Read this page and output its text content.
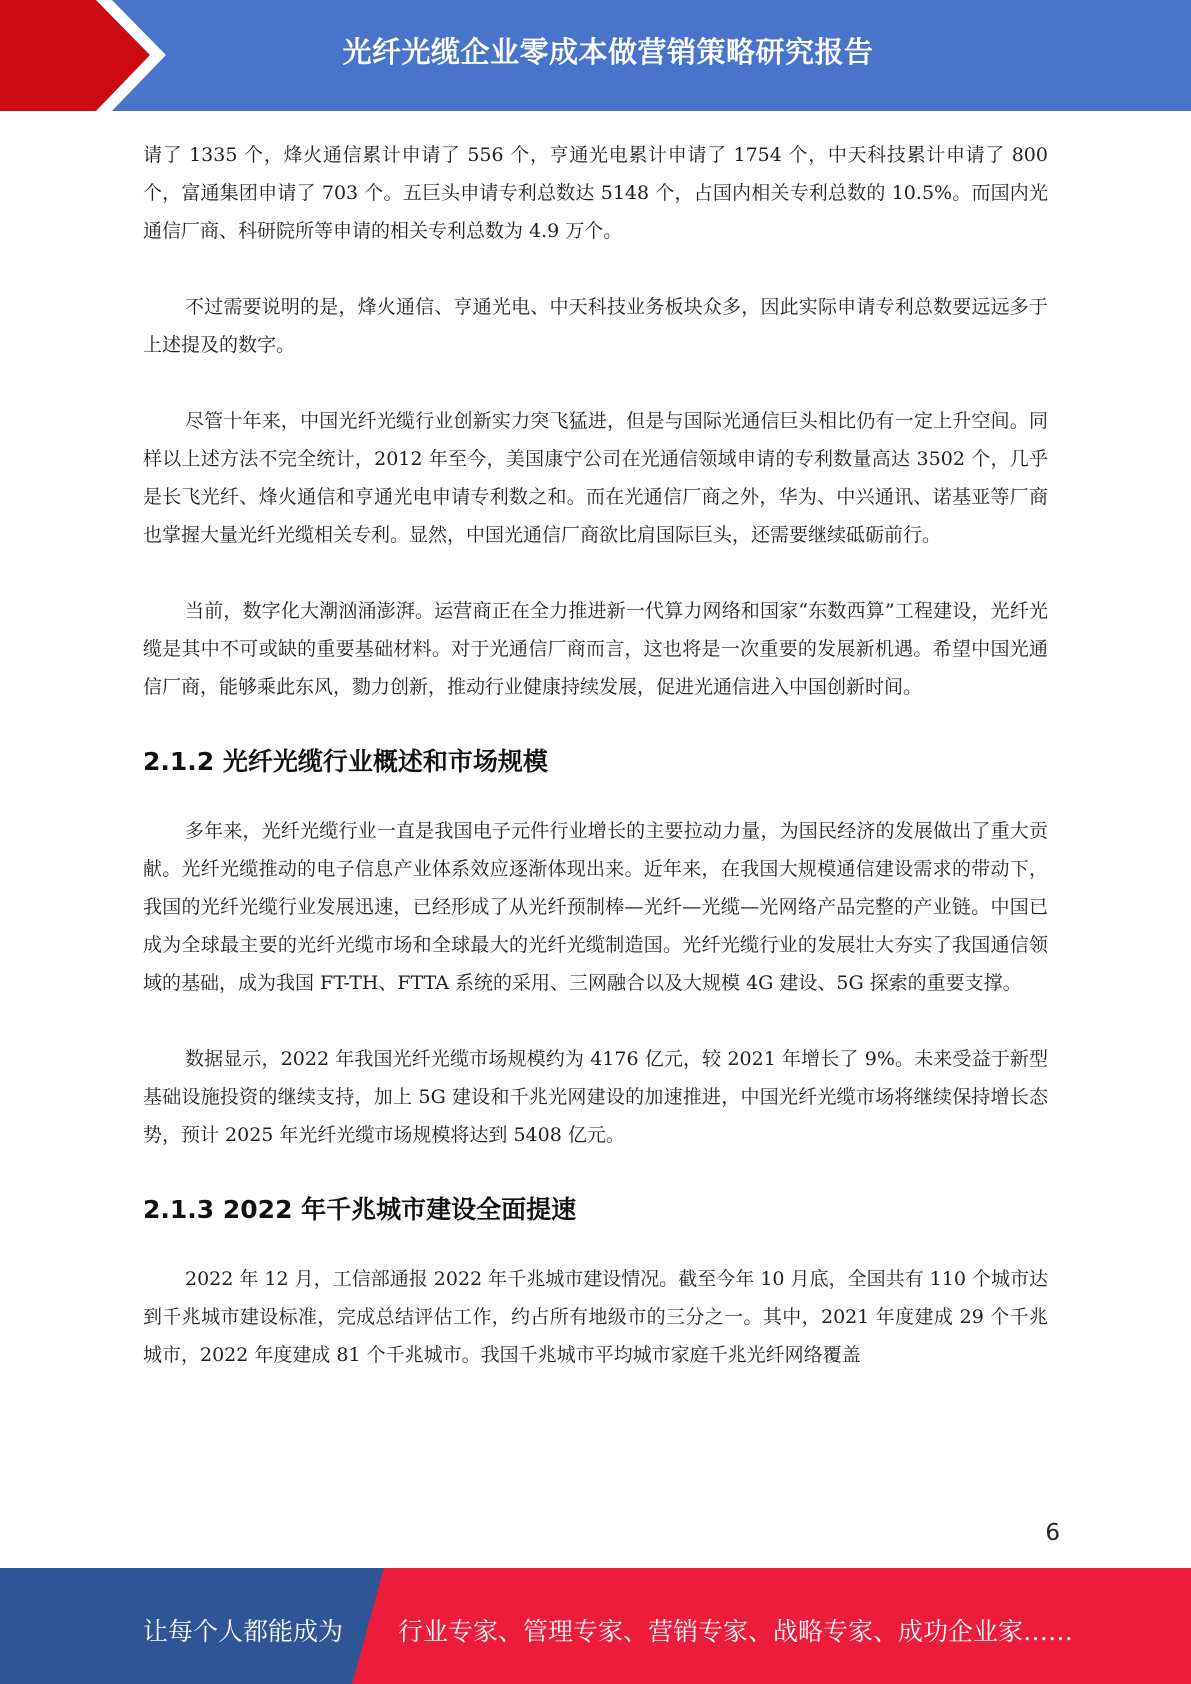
光纤光缆企业零成本做营销策略研究报告

请了 1335 个，烽火通信累计申请了 556 个，亨通光电累计申请了 1754 个，中天科技累计申请了 800 个，富通集团申请了 703 个。五巨头申请专利总数达 5148 个，占国内相关专利总数的 10.5%。而国内光通信厂商、科研院所等申请的相关专利总数为 4.9 万个。

不过需要说明的是，烽火通信、亨通光电、中天科技业务板块众多，因此实际申请专利总数要远远多于上述提及的数字。

尽管十年来，中国光纤光缆行业创新实力突飞猛进，但是与国际光通信巨头相比仍有一定上升空间。同样以上述方法不完全统计，2012 年至今，美国康宁公司在光通信领域申请的专利数量高达 3502 个，几乎是长飞光纤、烽火通信和亨通光电申请专利数之和。而在光通信厂商之外，华为、中兴通讯、诺基亚等厂商也掌握大量光纤光缆相关专利。显然，中国光通信厂商欲比肩国际巨头，还需要继续砥砺前行。

当前，数字化大潮汹涌澎湃。运营商正在全力推进新一代算力网络和国家“东数西算”工程建设，光纤光缆是其中不可或缺的重要基础材料。对于光通信厂商而言，这也将是一次重要的发展新机遇。希望中国光通信厂商，能够乘此东风，勠力创新，推动行业健康持续发展，促进光通信进入中国创新时间。

2.1.2 光纤光缆行业概述和市场规模

多年来，光纤光缆行业一直是我国电子元件行业增长的主要拉动力量，为国民经济的发展做出了重大贡献。光纤光缆推动的电子信息产业体系效应逐渐体现出来。近年来，在我国大规模通信建设需求的带动下，我国的光纤光缆行业发展迅速，已经形成了从光纤预制棒—光纤—光缆—光网络产品完整的产业链。中国已成为全球最主要的光纤光缆市场和全球最大的光纤光缆制造国。光纤光缆行业的发展壮大夯实了我国通信领域的基础，成为我国 FT-TH、FTTA 系统的采用、三网融合以及大规模 4G 建设、5G 探索的重要支撑。

数据显示，2022 年我国光纤光缆市场规模约为 4176 亿元，较 2021 年增长了 9%。未来受益于新型基础设施投资的继续支持，加上 5G 建设和千兆光网建设的加速推进，中国光纤光缆市场将继续保持增长态势，预计 2025 年光纤光缆市场规模将达到 5408 亿元。

2.1.3 2022 年千兆城市建设全面提速

2022 年 12 月，工信部通报 2022 年千兆城市建设情况。截至今年 10 月底，全国共有 110 个城市达到千兆城市建设标准，完成总结评估工作，约占所有地级市的三分之一。其中，2021 年度建成 29 个千兆城市，2022 年度建成 81 个千兆城市。我国千兆城市平均城市家庭千兆光纤网络覆盖

6
让每个人都能成为 行业专家、管理专家、营销专家、战略专家、成功企业家……
